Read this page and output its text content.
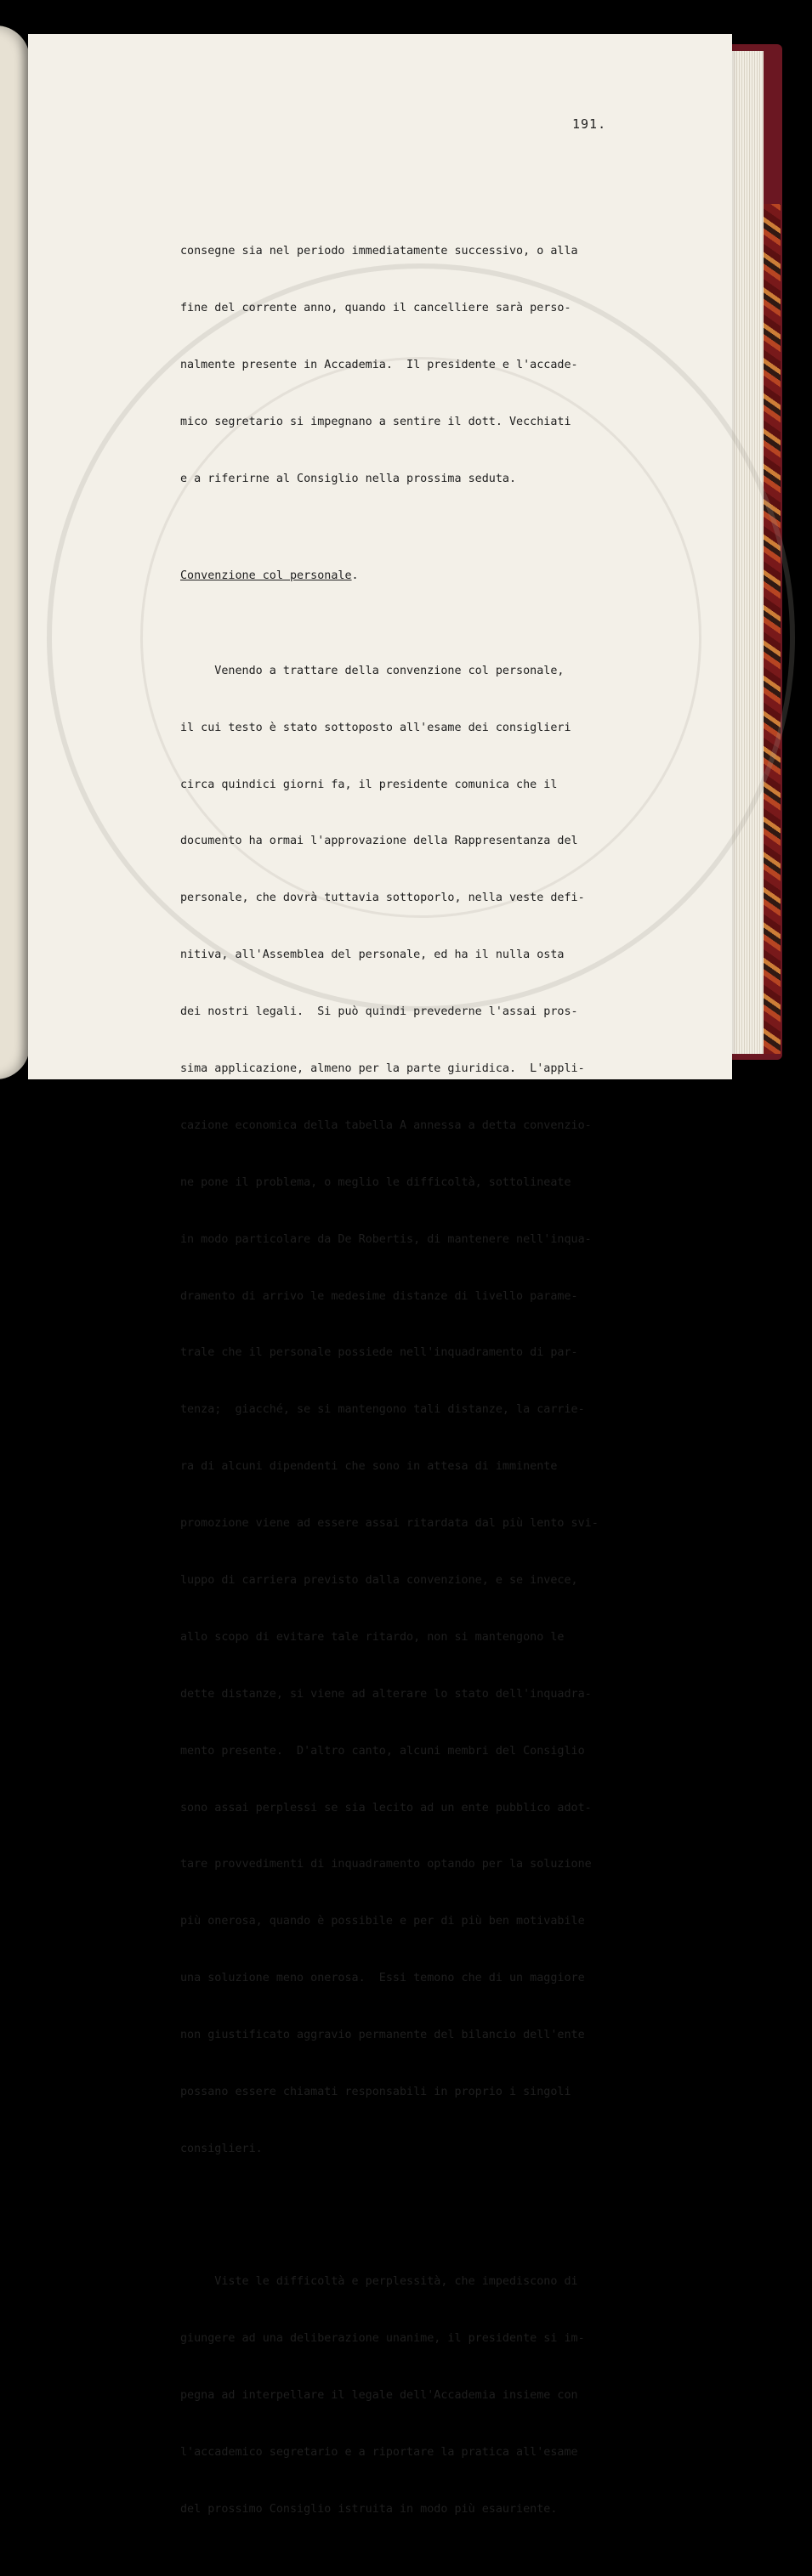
191.

consegne sia nel periodo immediatamente successivo, o alla

fine del corrente anno, quando il cancelliere sarà perso-

nalmente presente in Accademia.  Il presidente e l'accade-

mico segretario si impegnano a sentire il dott. Vecchiati

e a riferirne al Consiglio nella prossima seduta.

Convenzione col personale.

Venendo a trattare della convenzione col personale,

il cui testo è stato sottoposto all'esame dei consiglieri

circa quindici giorni fa, il presidente comunica che il

documento ha ormai l'approvazione della Rappresentanza del

personale, che dovrà tuttavia sottoporlo, nella veste defi-

nitiva, all'Assemblea del personale, ed ha il nulla osta

dei nostri legali.  Si può quindi prevederne l'assai pros-

sima applicazione, almeno per la parte giuridica.  L'appli-

cazione economica della tabella A annessa a detta convenzio-

ne pone il problema, o meglio le difficoltà, sottolineate

in modo particolare da De Robertis, di mantenere nell'inqua-

dramento di arrivo le medesime distanze di livello parame-

trale che il personale possiede nell'inquadramento di par-

tenza;  giacché, se si mantengono tali distanze, la carrie-

ra di alcuni dipendenti che sono in attesa di imminente

promozione viene ad essere assai ritardata dal più lento svi-

luppo di carriera previsto dalla convenzione, e se invece,

allo scopo di evitare tale ritardo, non si mantengono le

dette distanze, si viene ad alterare lo stato dell'inquadra-

mento presente.  D'altro canto, alcuni membri del Consiglio

sono assai perplessi se sia lecito ad un ente pubblico adot-

tare provvedimenti di inquadramento optando per la soluzione

più onerosa, quando è possibile e per di più ben motivabile

una soluzione meno onerosa.  Essi temono che di un maggiore

non giustificato aggravio permanente del bilancio dell'ente

possano essere chiamati responsabili in proprio i singoli

consiglieri.

Viste le difficoltà e perplessità, che impediscono di

giungere ad una deliberazione unanime, il presidente si im-

pegna ad interpellare il legale dell'Accademia insieme con

l'accademico segretario e a riportare la pratica all'esame

del prossimo Consiglio istruita in modo più esauriente.
